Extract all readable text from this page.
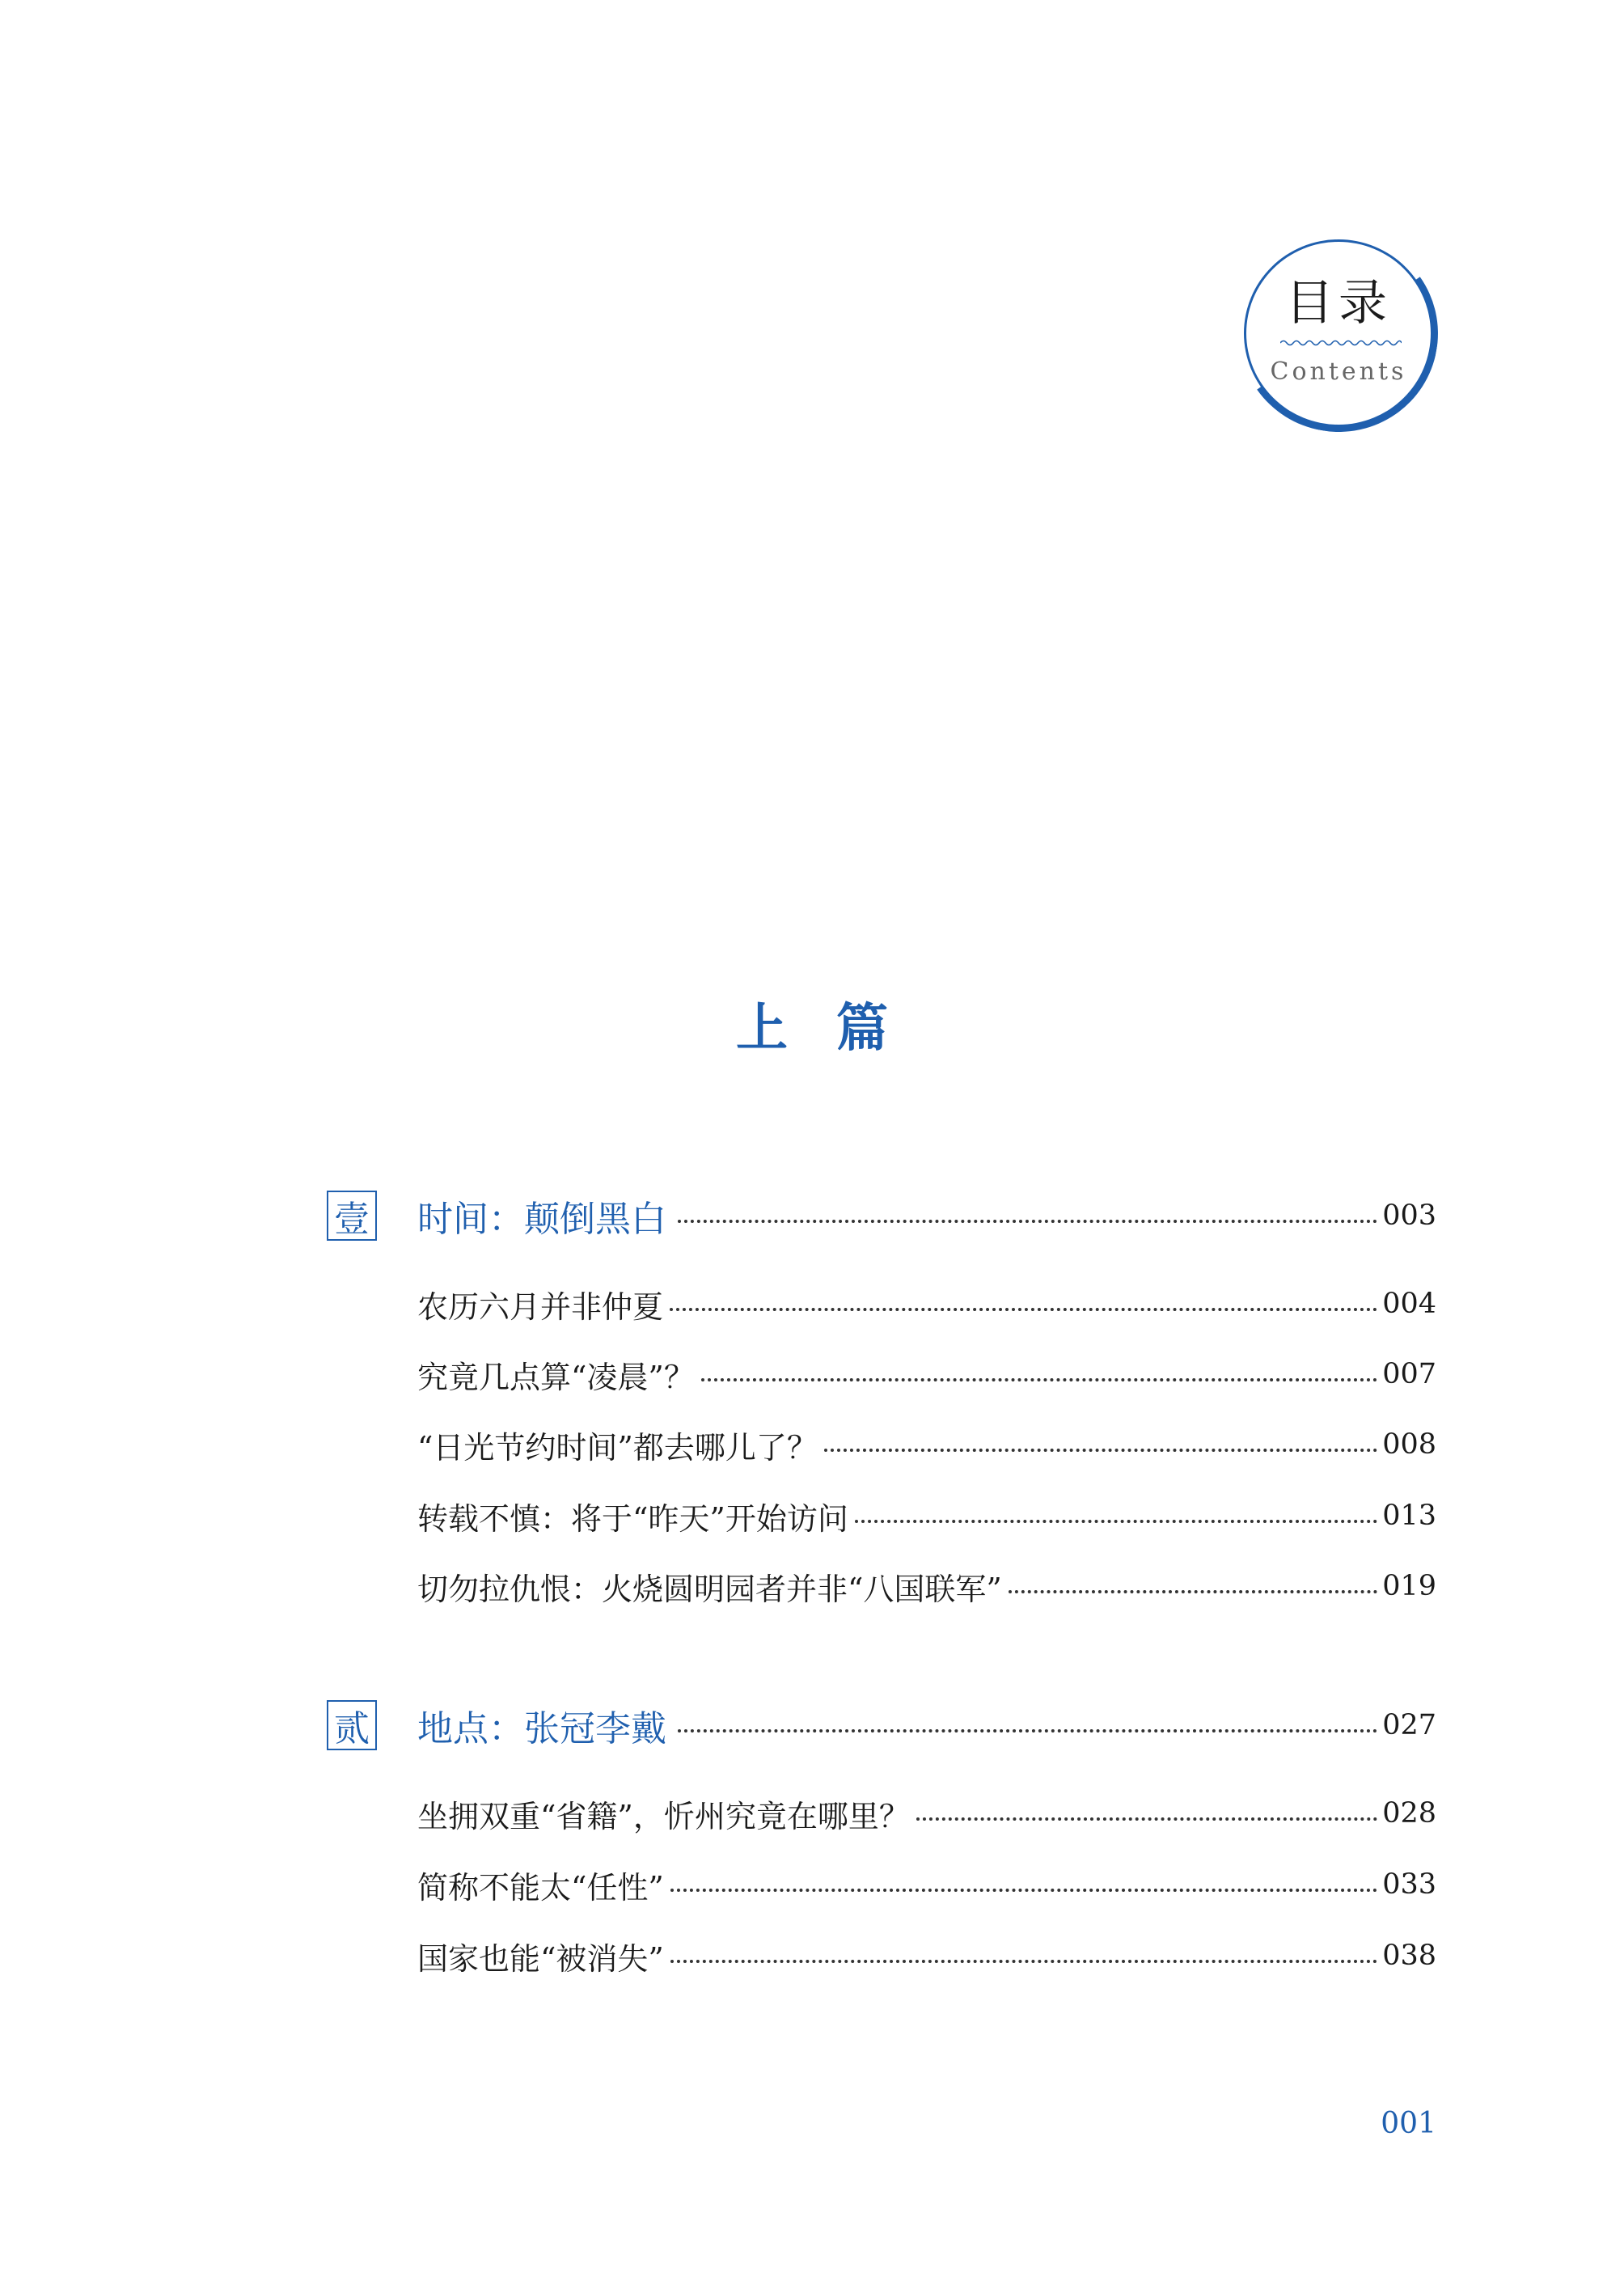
目录
Contents
上篇
壹 时间：颠倒黑白	003
农历六月并非仲夏	004
究竟几点算“凌晨”？	007
“日光节约时间”都去哪儿了？	008
转载不慎：将于“昨天”开始访问	013
切勿拉仇恨：火烧圆明园者并非“八国联军”	019
贰 地点：张冠李戴	027
坐拥双重“省籍”，忻州究竟在哪里？	028
简称不能太“任性”	033
国家也能“被消失”	038
001
